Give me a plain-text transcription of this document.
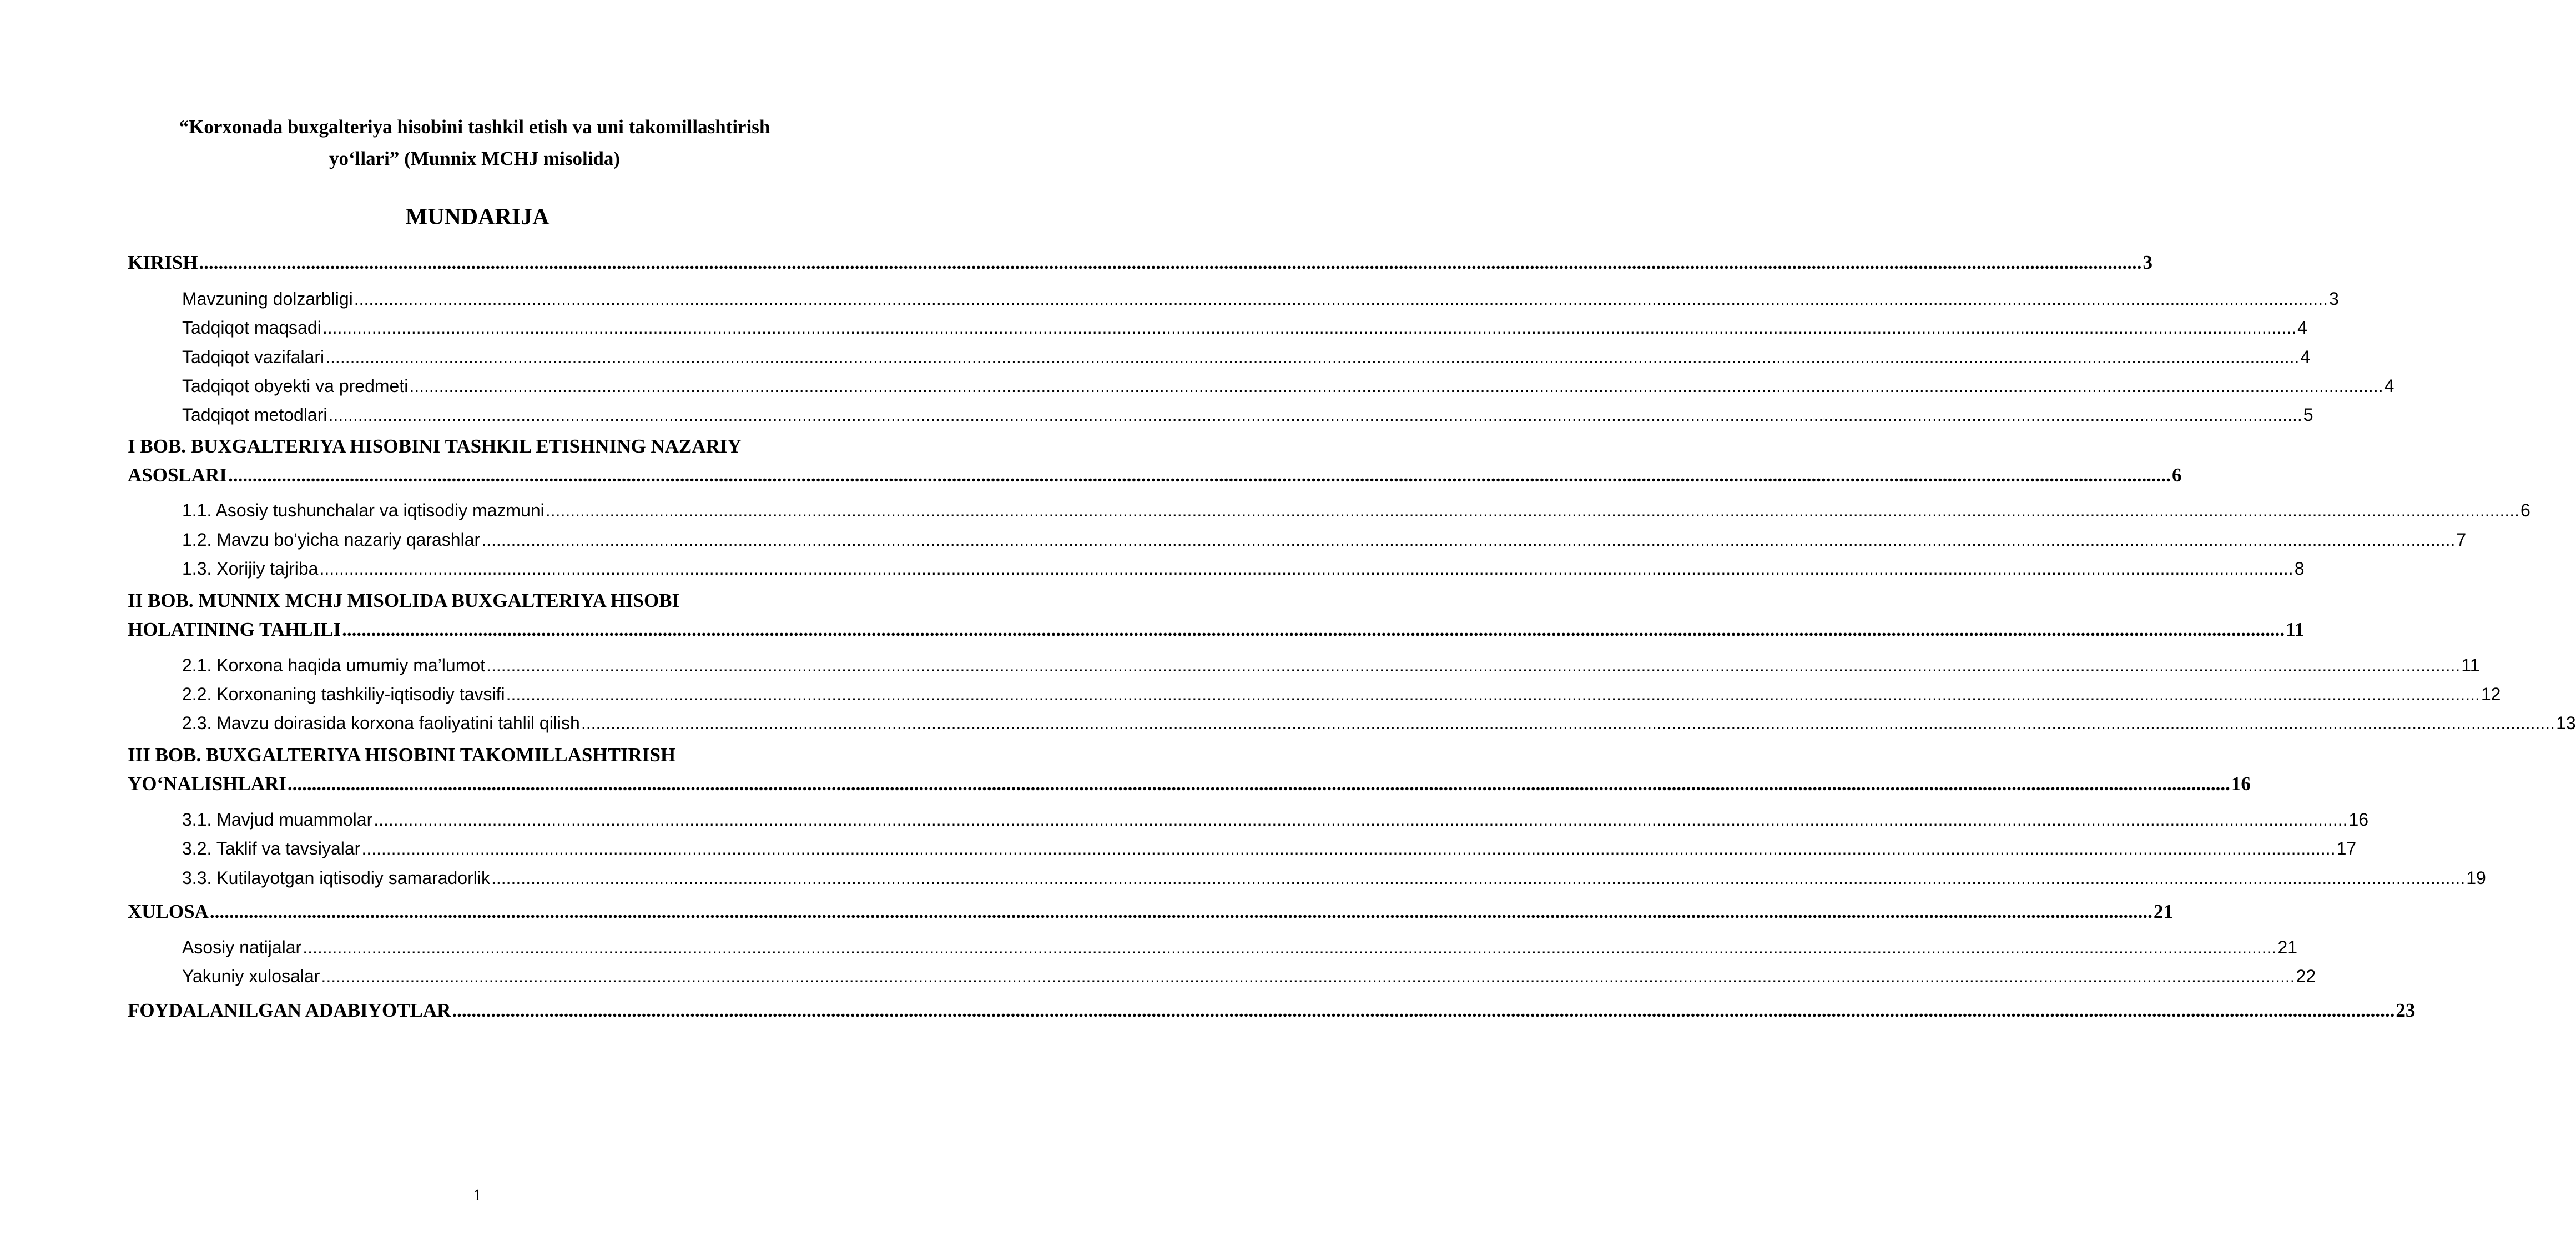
“Korxonada buxgalteriya hisobini tashkil etish va uni takomillashtirish yo‘llari” (Munnix MCHJ misolida)
MUNDARIJA
KIRISH ................................................................................................................................................................................................................................................................................................................................................................................................................ 3
Mavzuning dolzarbligi ................................................................................................................................................................................................................................................................................................................................................................................................................ 3
Tadqiqot maqsadi ................................................................................................................................................................................................................................................................................................................................................................................................................ 4
Tadqiqot vazifalari ................................................................................................................................................................................................................................................................................................................................................................................................................ 4
Tadqiqot obyekti va predmeti ................................................................................................................................................................................................................................................................................................................................................................................................................ 4
Tadqiqot metodlari ................................................................................................................................................................................................................................................................................................................................................................................................................ 5
I BOB. BUXGALTERIYA HISOBINI TASHKIL ETISHNING NAZARIY
ASOSLARI ................................................................................................................................................................................................................................................................................................................................................................................................................ 6
1.1. Asosiy tushunchalar va iqtisodiy mazmuni ................................................................................................................................................................................................................................................................................................................................................................................................................ 6
1.2. Mavzu bo‘yicha nazariy qarashlar ................................................................................................................................................................................................................................................................................................................................................................................................................ 7
1.3. Xorijiy tajriba ................................................................................................................................................................................................................................................................................................................................................................................................................ 8
II BOB. MUNNIX MCHJ MISOLIDA BUXGALTERIYA HISOBI
HOLATINING TAHLILI ................................................................................................................................................................................................................................................................................................................................................................................................................ 11
2.1. Korxona haqida umumiy ma’lumot ................................................................................................................................................................................................................................................................................................................................................................................................................ 11
2.2. Korxonaning tashkiliy-iqtisodiy tavsifi ................................................................................................................................................................................................................................................................................................................................................................................................................ 12
2.3. Mavzu doirasida korxona faoliyatini tahlil qilish ................................................................................................................................................................................................................................................................................................................................................................................................................ 13
III BOB. BUXGALTERIYA HISOBINI TAKOMILLASHTIRISH
YO‘NALISHLARI ................................................................................................................................................................................................................................................................................................................................................................................................................ 16
3.1. Mavjud muammolar ................................................................................................................................................................................................................................................................................................................................................................................................................ 16
3.2. Taklif va tavsiyalar ................................................................................................................................................................................................................................................................................................................................................................................................................ 17
3.3. Kutilayotgan iqtisodiy samaradorlik ................................................................................................................................................................................................................................................................................................................................................................................................................ 19
XULOSA ................................................................................................................................................................................................................................................................................................................................................................................................................ 21
Asosiy natijalar ................................................................................................................................................................................................................................................................................................................................................................................................................ 21
Yakuniy xulosalar ................................................................................................................................................................................................................................................................................................................................................................................................................ 22
FOYDALANILGAN ADABIYOTLAR ................................................................................................................................................................................................................................................................................................................................................................................................................ 23
1
